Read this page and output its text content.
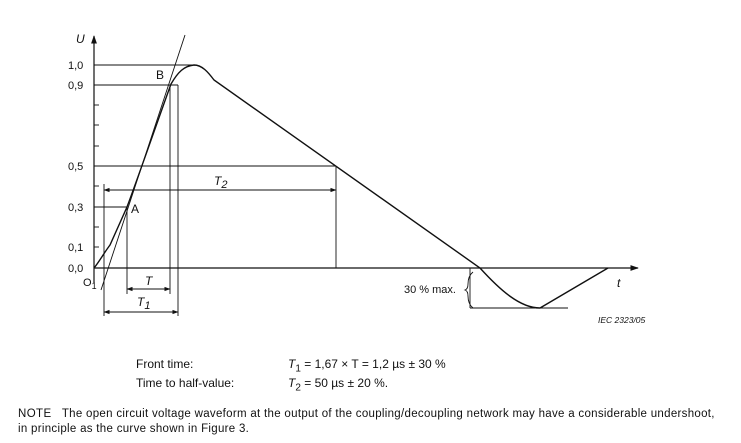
U
t
1,0
0,9
0,5
0,3
0,1
0,0
T2
T
T1
$O_1$
A
B
30 % max.
IEC 2323/05
Front time:	$T_1 = 1,67 \times T = 1,2$ µs ± 30 %
Time to half-value:	$T_2 = 50$ µs ± 20 %.
NOTE The open circuit voltage waveform at the output of the coupling/decoupling network may have a considerable undershoot, in principle as the curve shown in Figure 3.
